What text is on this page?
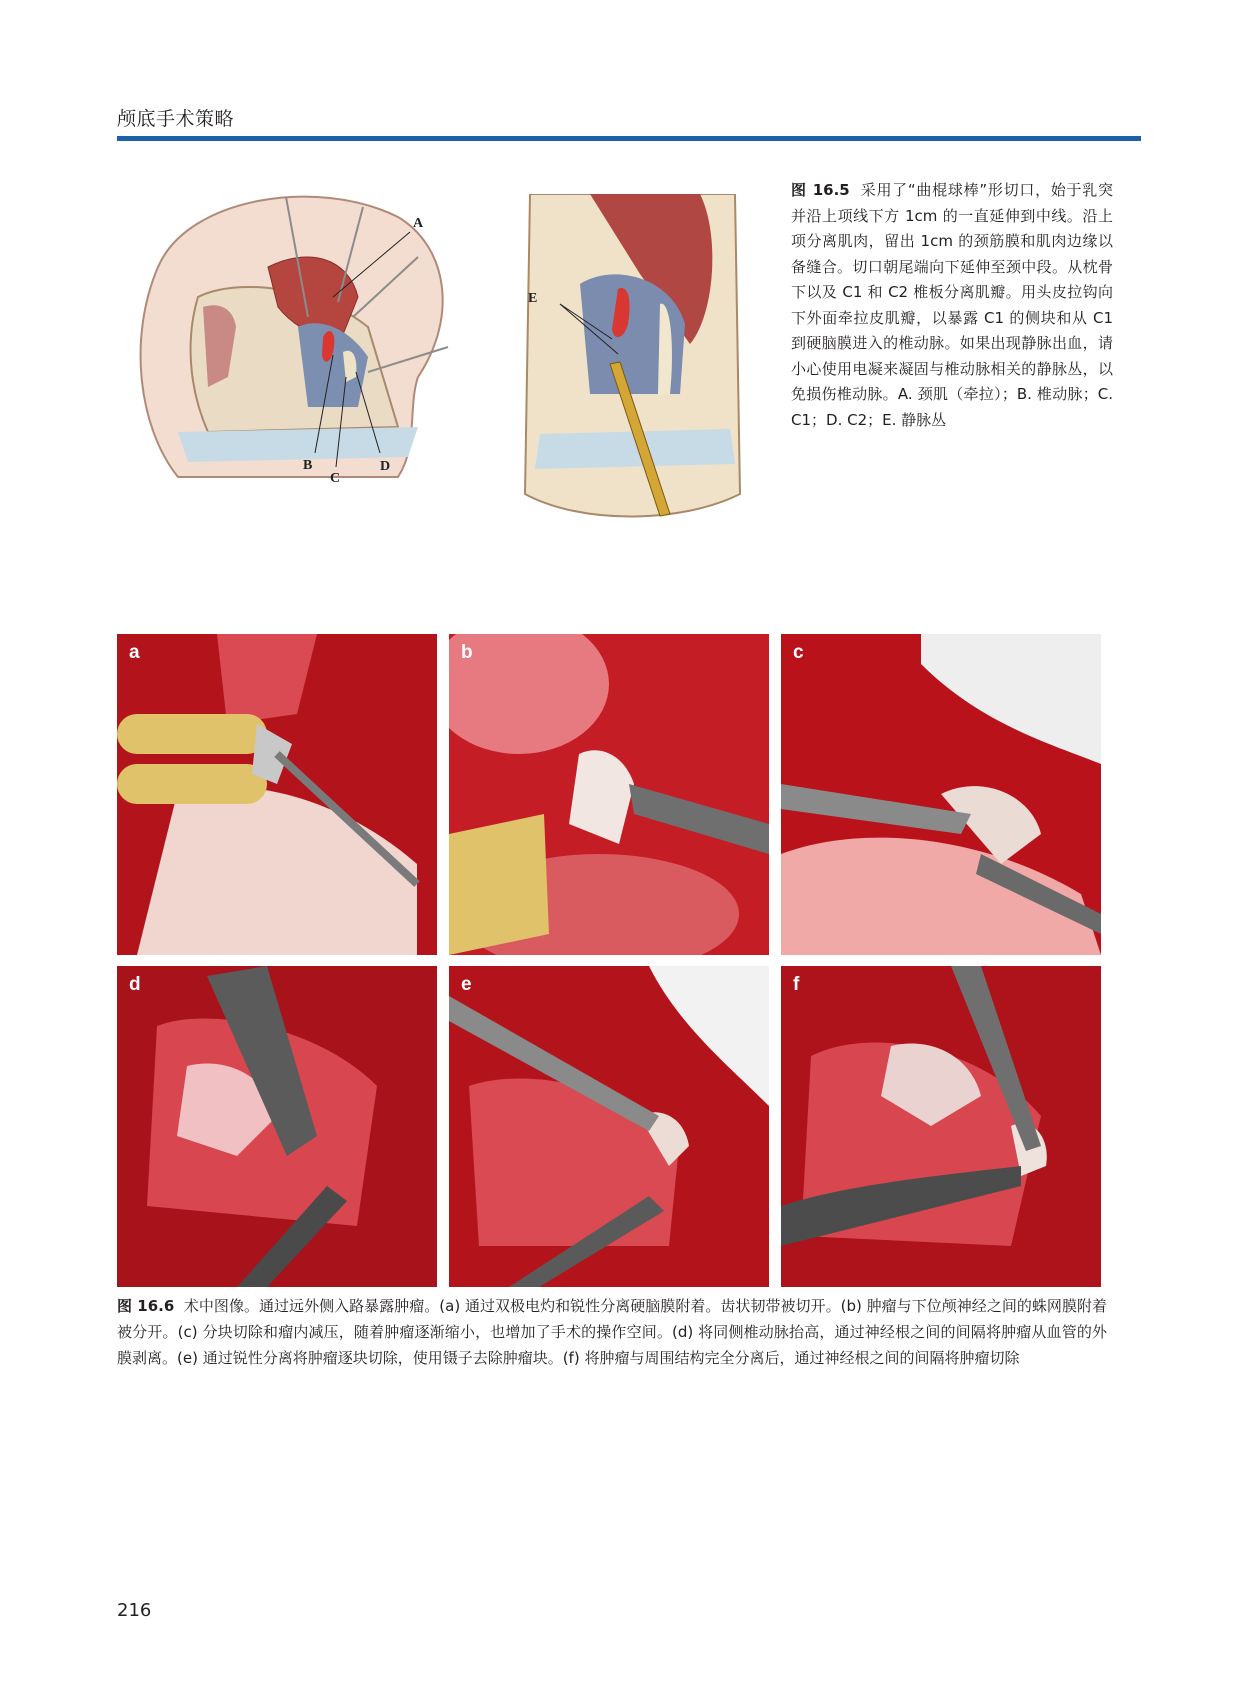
颅底手术策略
A
B
C
D
E
图 16.5 采用了“曲棍球棒”形切口，始于乳突并沿上项线下方 1cm 的一直延伸到中线。沿上项分离肌肉，留出 1cm 的颈筋膜和肌肉边缘以备缝合。切口朝尾端向下延伸至颈中段。从枕骨下以及 C1 和 C2 椎板分离肌瓣。用头皮拉钩向下外面牵拉皮肌瓣，以暴露 C1 的侧块和从 C1 到硬脑膜进入的椎动脉。如果出现静脉出血，请小心使用电凝来凝固与椎动脉相关的静脉丛，以免损伤椎动脉。A. 颈肌（牵拉）；B. 椎动脉；C. C1；D. C2；E. 静脉丛
a	b	c
d	e	f
图 16.6 术中图像。通过远外侧入路暴露肿瘤。(a) 通过双极电灼和锐性分离硬脑膜附着。齿状韧带被切开。(b) 肿瘤与下位颅神经之间的蛛网膜附着被分开。(c) 分块切除和瘤内减压，随着肿瘤逐渐缩小，也增加了手术的操作空间。(d) 将同侧椎动脉抬高，通过神经根之间的间隔将肿瘤从血管的外膜剥离。(e) 通过锐性分离将肿瘤逐块切除，使用镊子去除肿瘤块。(f) 将肿瘤与周围结构完全分离后，通过神经根之间的间隔将肿瘤切除
216
